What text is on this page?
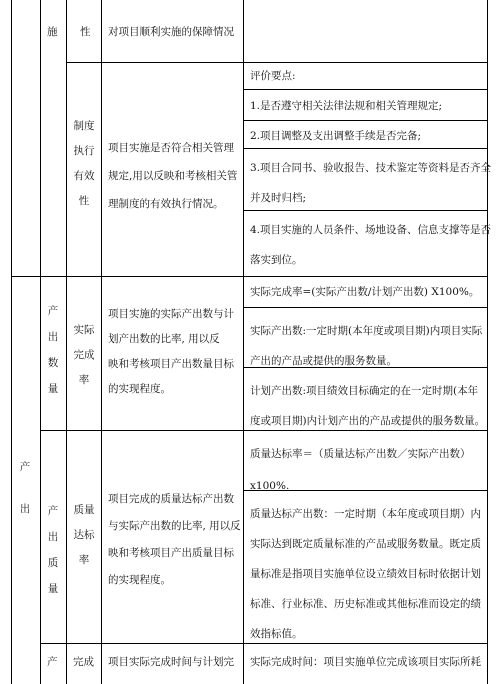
施 性 对项目顺利实施的保障情况
制度
执行
有效
性
项目实施是否符合相关管理
规定,用以反映和考核相关管
理制度的有效执行情况。
评价要点:
1.是否遵守相关法律法规和相关管理规定;
2.项目调整及支出调整手续是否完备;
3.项目合同书、验收报告、技术鉴定等资料是否齐全
并及时归档;
4.项目实施的人员条件、场地设备、信息支撑等是否
落实到位。
产
出
数
量
实际
完成
率
项目实施的实际产出数与计
划产出数的比率, 用以反
映和考核项目产出数量目标
的实现程度。
实际完成率=(实际产出数/计划产出数) X100%。
实际产出数:一定时期(本年度或项目期)内项目实际
产出的产品或提供的服务数量。
计划产出数:项目绩效目标确定的在一定时期(本年
度或项目期)内计划产出的产品或提供的服务数量。
产
出	产
出
质
量
质量
达标
率
项目完成的质量达标产出数
与实际产出数的比率, 用以反
映和考核项目产出质量目标
的实现程度。
质量达标率＝（质量达标产出数／实际产出数）
x100%.
质量达标产出数：一定时期（本年度或项目期）内
实际达到既定质量标准的产品或服务数量。既定质
量标准是指项目实施单位设立绩效目标时依据计划
标准、行业标准、历史标准或其他标准而设定的绩
效指标值。
产 完成 项目实际完成时间与计划完 实际完成时间：项目实施单位完成该项目实际所耗
